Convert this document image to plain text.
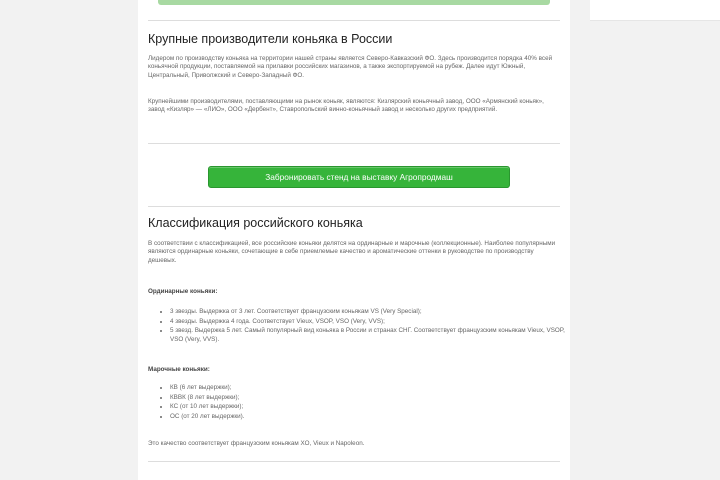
Крупные производители коньяка в России

Лидером по производству коньяка на территории нашей страны является Северо-Кавказский ФО. Здесь производится порядка 40% всей коньячной продукции, поставляемой на прилавки российских магазинов, а также экспортируемой на рубеж. Далее идут Южный, Центральный, Приволжский и Северо-Западный ФО.

Крупнейшими производителями, поставляющими на рынок коньяк, являются: Кизлярский коньячный завод, ООО «Армянский коньяк», завод «Кизляр» — «ЛИО», ООО «Дербент», Ставропольский винно-коньячный завод и несколько других предприятий.

Забронировать стенд на выставку Агропродмаш
Классификация российского коньяка

В соответствии с классификацией, все российские коньяки делятся на ординарные и марочные (коллекционные). Наиболее популярными являются ординарные коньяки, сочетающие в себе приемлемые качество и ароматические оттенки в руководстве по производству дешевых.

Ординарные коньяки:

• 3 звезды. Выдержка от 3 лет. Соответствует французским коньякам VS (Very Special);
• 4 звезды. Выдержка 4 года. Соответствует Vieux, VSOP, VSO (Very, VVS);
• 5 звезд. Выдержка 5 лет. Самый популярный вид коньяка в России и странах СНГ. Соответствует французским коньякам Vieux, VSOP, VSO (Very, VVS).

Марочные коньяки:

• КВ (6 лет выдержки);
• КВВК (8 лет выдержки);
• КС (от 10 лет выдержки);
• ОС (от 20 лет выдержки).

Это качество соответствует французским коньякам XO, Vieux и Napoleon.
